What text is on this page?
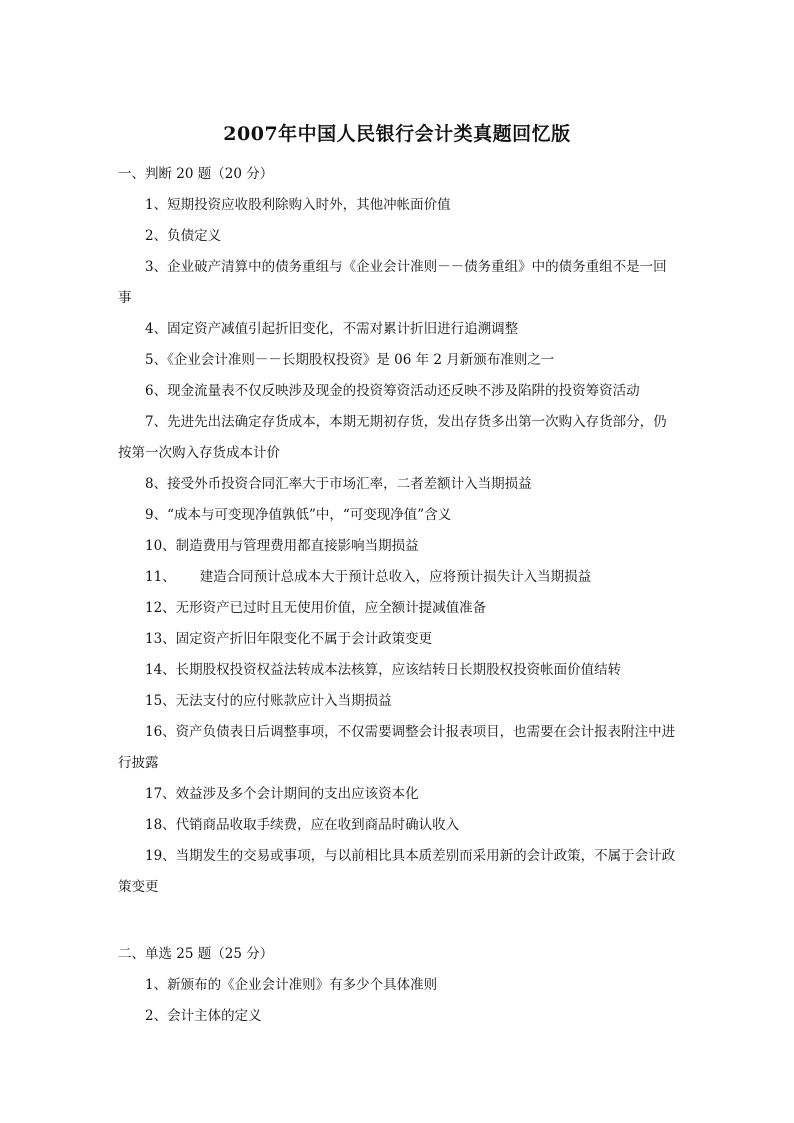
2007年中国人民银行会计类真题回忆版
一、判断 20 题（20 分）
1、短期投资应收股利除购入时外，其他冲帐面价值
2、负债定义
3、企业破产清算中的债务重组与《企业会计准则－－债务重组》中的债务重组不是一回事
4、固定资产减值引起折旧变化，不需对累计折旧进行追溯调整
5、《企业会计准则－－长期股权投资》是 06 年 2 月新颁布准则之一
6、现金流量表不仅反映涉及现金的投资筹资活动还反映不涉及陷阱的投资筹资活动
7、先进先出法确定存货成本，本期无期初存货，发出存货多出第一次购入存货部分，仍按第一次购入存货成本计价
8、接受外币投资合同汇率大于市场汇率，二者差额计入当期损益
9、“成本与可变现净值孰低”中，“可变现净值”含义
10、制造费用与管理费用都直接影响当期损益
11、 建造合同预计总成本大于预计总收入，应将预计损失计入当期损益
12、无形资产已过时且无使用价值，应全额计提减值准备
13、固定资产折旧年限变化不属于会计政策变更
14、长期股权投资权益法转成本法核算，应该结转日长期股权投资帐面价值结转
15、无法支付的应付账款应计入当期损益
16、资产负债表日后调整事项，不仅需要调整会计报表项目，也需要在会计报表附注中进行披露
17、效益涉及多个会计期间的支出应该资本化
18、代销商品收取手续费，应在收到商品时确认收入
19、当期发生的交易或事项，与以前相比具本质差别而采用新的会计政策，不属于会计政策变更
二、单选 25 题（25 分）
1、新颁布的《企业会计准则》有多少个具体准则
2、会计主体的定义
